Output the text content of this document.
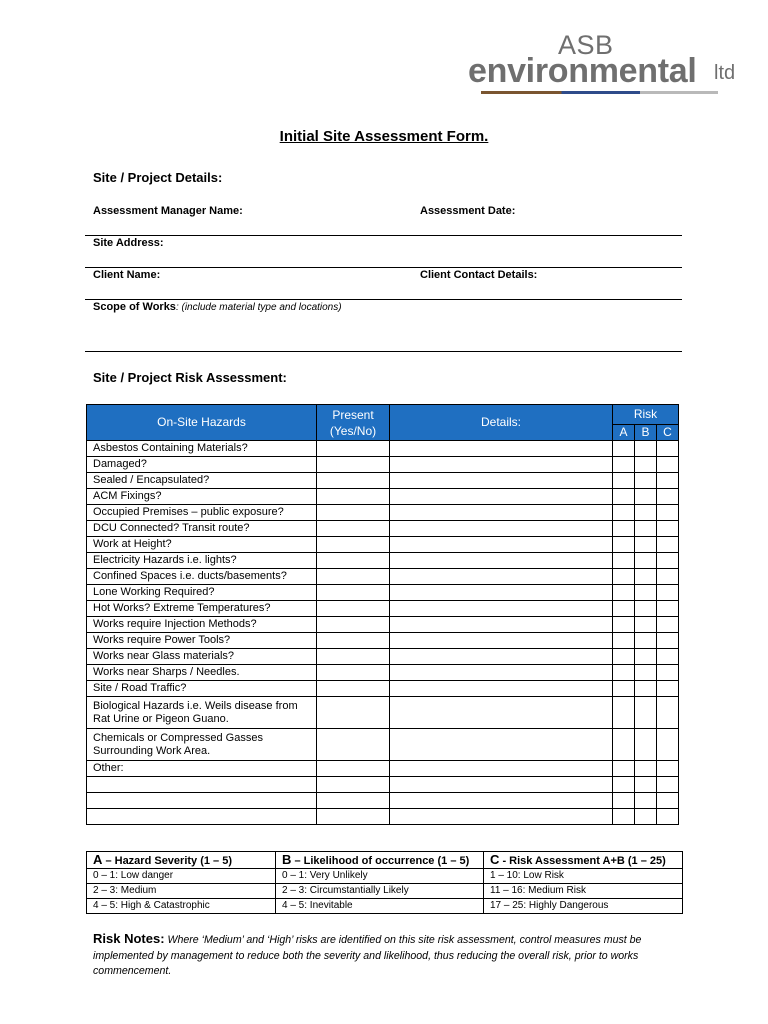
ASB
environmental ltd
Initial Site Assessment Form.
Site / Project Details:
Assessment Manager Name:	Assessment Date:
Site Address:
Client Name:	Client Contact Details:
Scope of Works: (include material type and locations)
Site / Project Risk Assessment:
On-Site Hazards	Present (Yes/No)	Details:	Risk		
			A	B	C

Asbestos Containing Materials?					

Damaged?					

Sealed / Encapsulated?					

ACM Fixings?					

Occupied Premises – public exposure?					

DCU Connected? Transit route?					

Work at Height?					

Electricity Hazards i.e. lights?					

Confined Spaces i.e. ducts/basements?					

Lone Working Required?					

Hot Works? Extreme Temperatures?					

Works require Injection Methods?					

Works require Power Tools?					

Works near Glass materials?					

Works near Sharps / Needles.					

Site / Road Traffic?					

Biological Hazards i.e. Weils disease from
Rat Urine or Pigeon Guano.					

Chemicals or Compressed Gasses
Surrounding Work Area.					

Other:					

A – Hazard Severity (1 – 5)	B – Likelihood of occurrence (1 – 5)	C - Risk Assessment A+B (1 – 25)
0 – 1: Low danger	0 – 1: Very Unlikely	1 – 10: Low Risk
2 – 3: Medium	2 – 3: Circumstantially Likely	11 – 16: Medium Risk
4 – 5: High & Catastrophic	4 – 5: Inevitable	17 – 25: Highly Dangerous
Risk Notes: Where ‘Medium’ and ‘High’ risks are identified on this site risk assessment, control measures must be implemented by management to reduce both the severity and likelihood, thus reducing the overall risk, prior to works commencement.
